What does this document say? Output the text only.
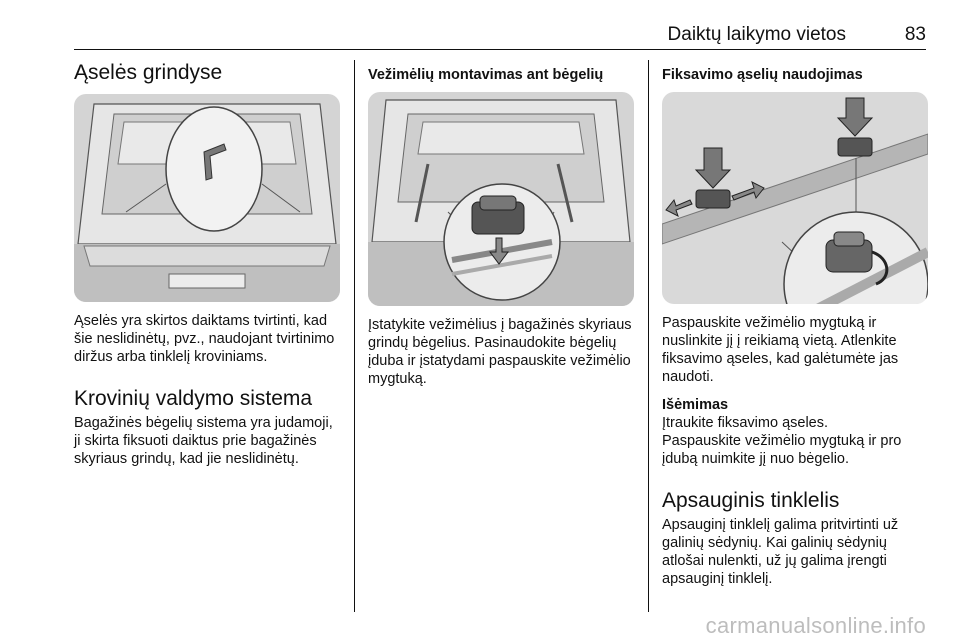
Daiktų laikymo vietos	83
Ąselės grindyse

Ąselės yra skirtos daiktams tvirtinti, kad šie neslidinėtų, pvz., naudojant tvirtinimo diržus arba tinklelį kroviniams.

Krovinių valdymo sistema

Bagažinės bėgelių sistema yra judamoji, ji skirta fiksuoti daiktus prie bagažinės skyriaus grindų, kad jie neslidinėtų.

Vežimėlių montavimas ant bėgelių

Įstatykite vežimėlius į bagažinės skyriaus grindų bėgelius. Pasinaudokite bėgelių įduba ir įstatydami paspauskite vežimėlio mygtuką.

Fiksavimo ąselių naudojimas

Paspauskite vežimėlio mygtuką ir nuslinkite jį į reikiamą vietą. Atlenkite fiksavimo ąseles, kad galėtumėte jas naudoti.

Išėmimas

Įtraukite fiksavimo ąseles.

Paspauskite vežimėlio mygtuką ir pro įdubą nuimkite jį nuo bėgelio.

Apsauginis tinklelis

Apsauginį tinklelį galima pritvirtinti už galinių sėdynių. Kai galinių sėdynių atlošai nulenkti, už jų galima įrengti apsauginį tinklelį.

carmanualsonline.info
